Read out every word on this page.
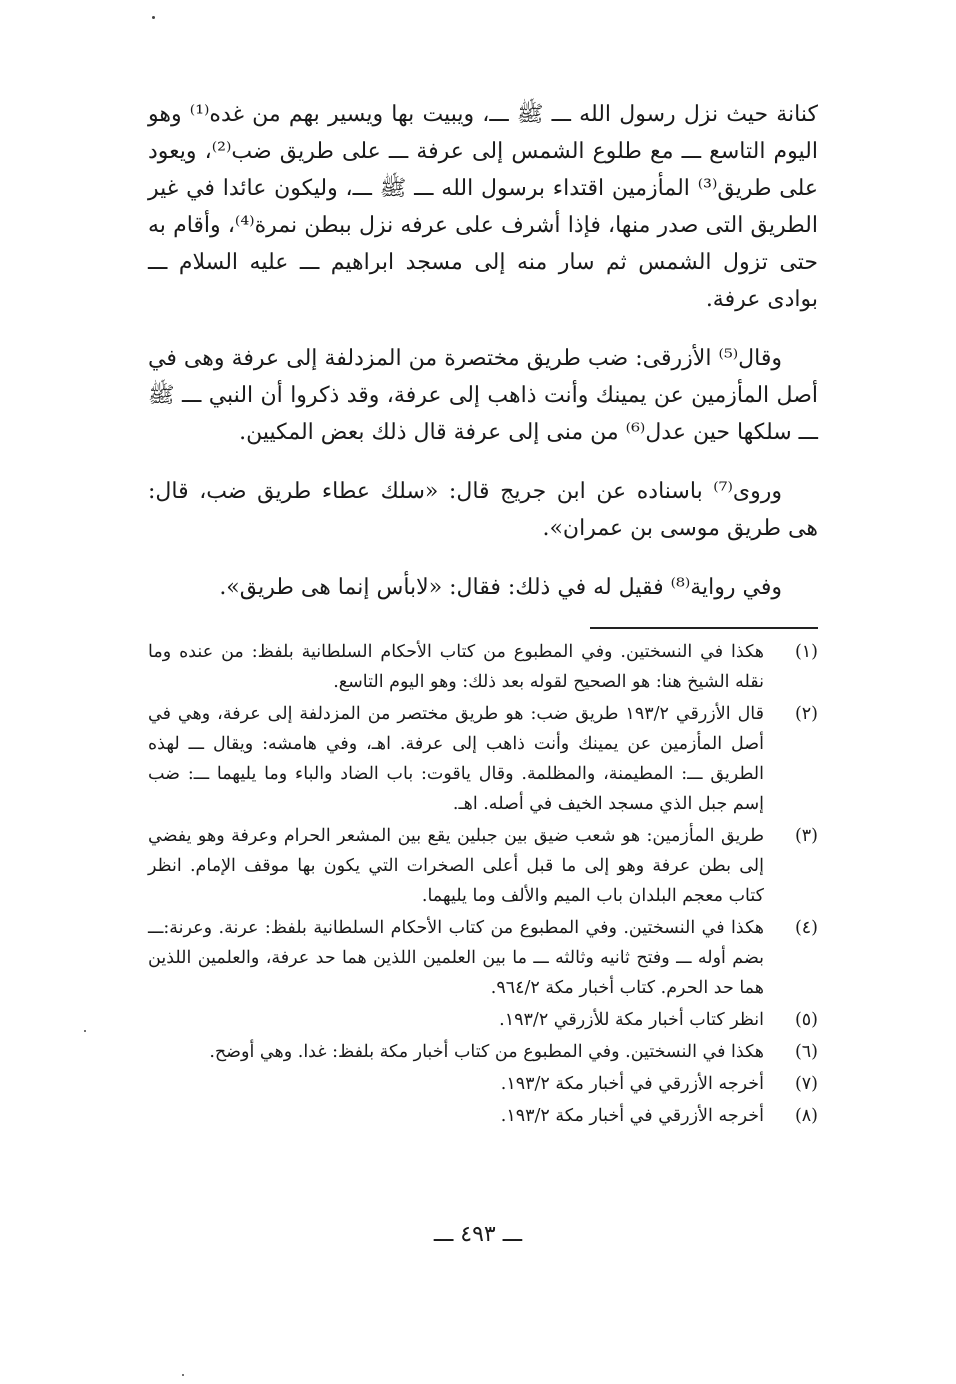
كنانة حيث نزل رسول الله ـــ ﷺ ـــ، ويبيت بها ويسير بهم من غده⁽¹⁾ وهو اليوم التاسع ـــ مع طلوع الشمس إلى عرفة ـــ على طريق ضب⁽²⁾، ويعود على طريق⁽³⁾ المأزمين اقتداء برسول الله ـــ ﷺ ـــ، وليكون عائدا في غير الطريق التى صدر منها، فإذا أشرف على عرفه نزل ببطن نمرة⁽⁴⁾، وأقام به حتى تزول الشمس ثم سار منه إلى مسجد ابراهيم ـــ عليه السلام ـــ بوادى عرفة.

وقال⁽⁵⁾ الأزرقى: ضب طريق مختصرة من المزدلفة إلى عرفة وهى في أصل المأزمين عن يمينك وأنت ذاهب إلى عرفة، وقد ذكروا أن النبي ـــ ﷺ ـــ سلكها حين عدل⁽⁶⁾ من منى إلى عرفة قال ذلك بعض المكيين.

وروى⁽⁷⁾ باسناده عن ابن جريج قال: «سلك عطاء طريق ضب، قال: هى طريق موسى بن عمران».

وفي رواية⁽⁸⁾ فقيل له في ذلك: فقال: «لابأس إنما هى طريق».

(١)
هكذا في النسختين. وفي المطبوع من كتاب الأحكام السلطانية بلفظ: من عنده وما نقله الشيخ هنا: هو الصحيح لقوله بعد ذلك: وهو اليوم التاسع.
(٢)
قال الأزرقي ١٩٣/٢ طريق ضب: هو طريق مختصر من المزدلفة إلى عرفة، وهي في أصل المأزمين عن يمينك وأنت ذاهب إلى عرفة. اهـ، وفي هامشه: ويقال ـــ لهذه الطريق ـــ: المطيمنة، والمظلمة. وقال ياقوت: باب الضاد والباء وما يليهما ـــ: ضب إسم جبل الذي مسجد الخيف في أصله. اهـ.
(٣)
طريق المأزمين: هو شعب ضيق بين جبلين يقع بين المشعر الحرام وعرفة وهو يفضي إلى بطن عرفة وهو إلى ما قبل أعلى الصخرات التي يكون بها موقف الإمام. انظر كتاب معجم البلدان باب الميم والألف وما يليهما.
(٤)
هكذا في النسختين. وفي المطبوع من كتاب الأحكام السلطانية بلفظ: عرنة. وعرنة:ـــ بضم أوله ـــ وفتح ثانيه وثالثه ـــ ما بين العلمين اللذين هما حد عرفة، والعلمين اللذين هما حد الحرم. كتاب أخبار مكة ٩٦٤/٢.
(٥)
انظر كتاب أخبار مكة للأزرقي ١٩٣/٢.
(٦)
هكذا في النسختين. وفي المطبوع من كتاب أخبار مكة بلفظ: غدا. وهي أوضح.
(٧)
أخرجه الأزرقي في أخبار مكة ١٩٣/٢.
(٨)
أخرجه الأزرقي في أخبار مكة ١٩٣/٢.
ـــ ٤٩٣ ـــ
